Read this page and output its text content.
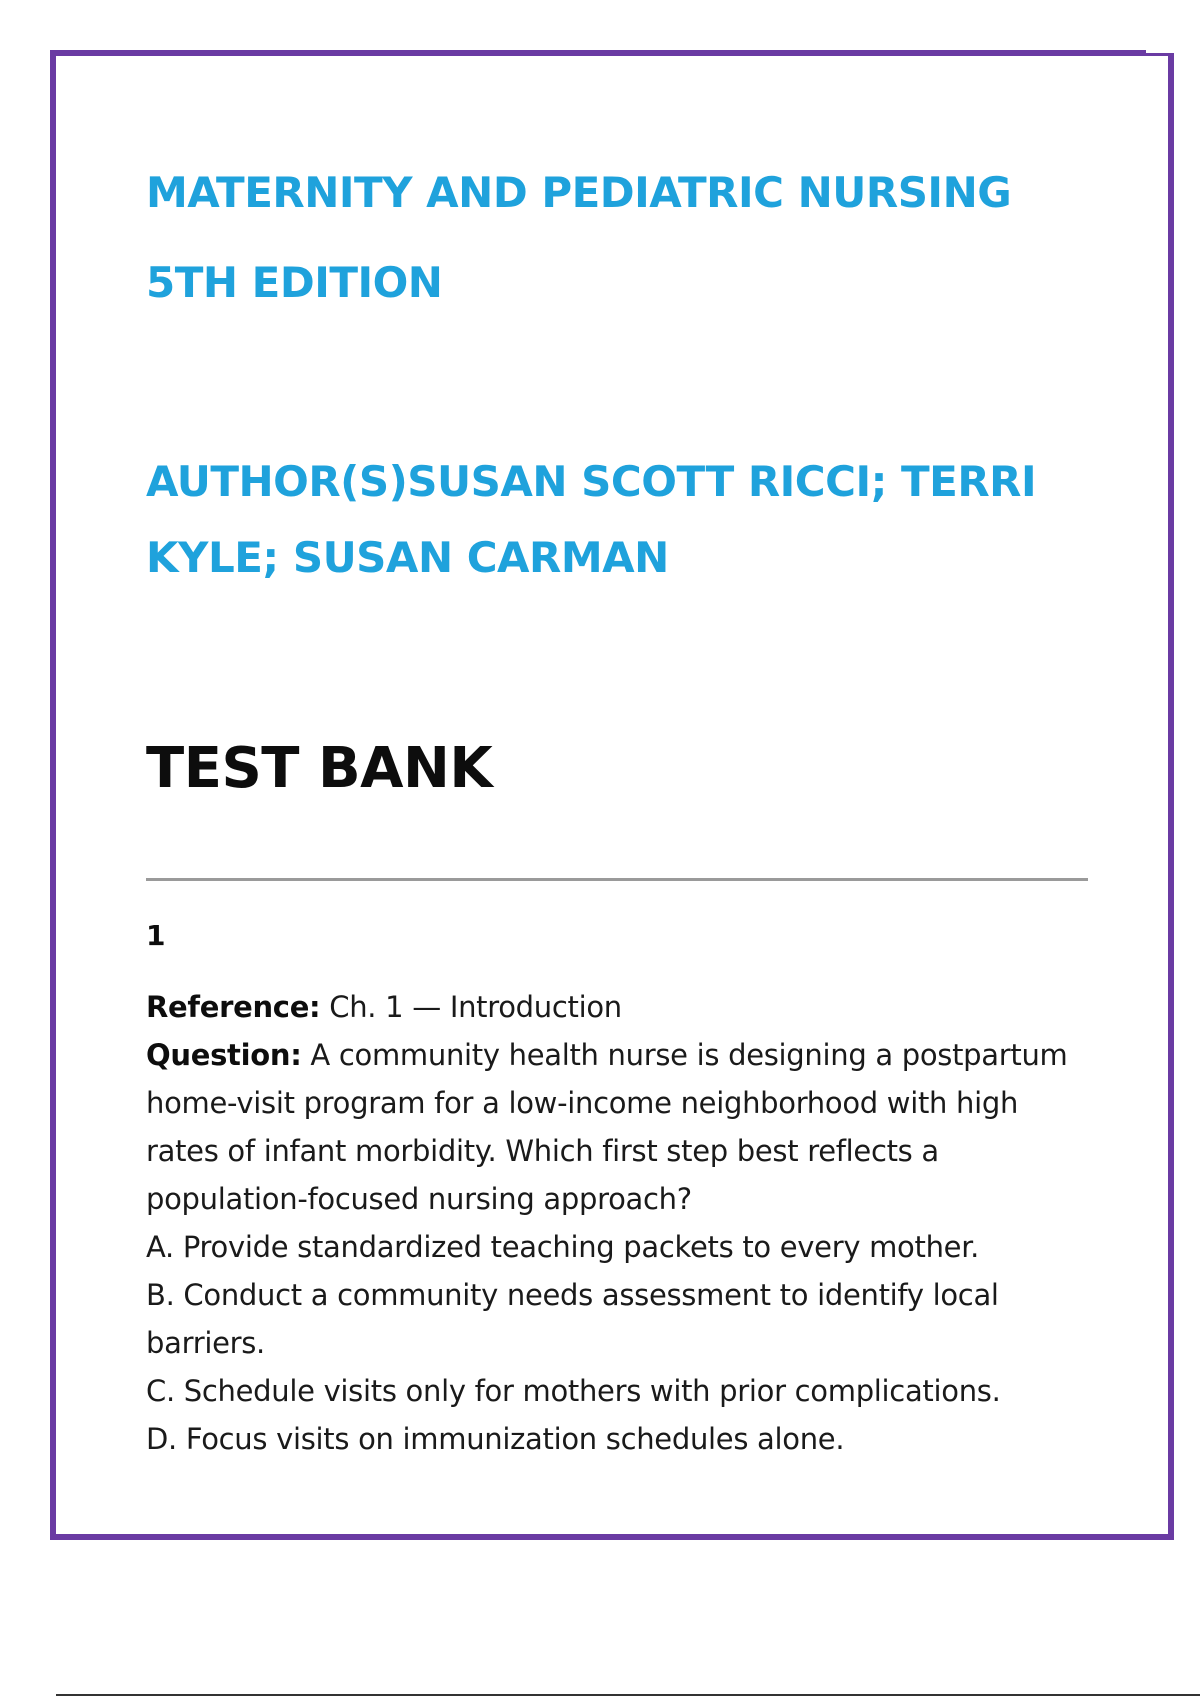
MATERNITY AND PEDIATRIC NURSING
5TH EDITION
AUTHOR(S)SUSAN SCOTT RICCI; TERRI
KYLE; SUSAN CARMAN
TEST BANK
1

Reference: Ch. 1 — Introduction

Question: A community health nurse is designing a postpartum home-visit program for a low-income neighborhood with high rates of infant morbidity. Which first step best reflects a population-focused nursing approach?

A. Provide standardized teaching packets to every mother.
B. Conduct a community needs assessment to identify local barriers.
C. Schedule visits only for mothers with prior complications.
D. Focus visits on immunization schedules alone.
